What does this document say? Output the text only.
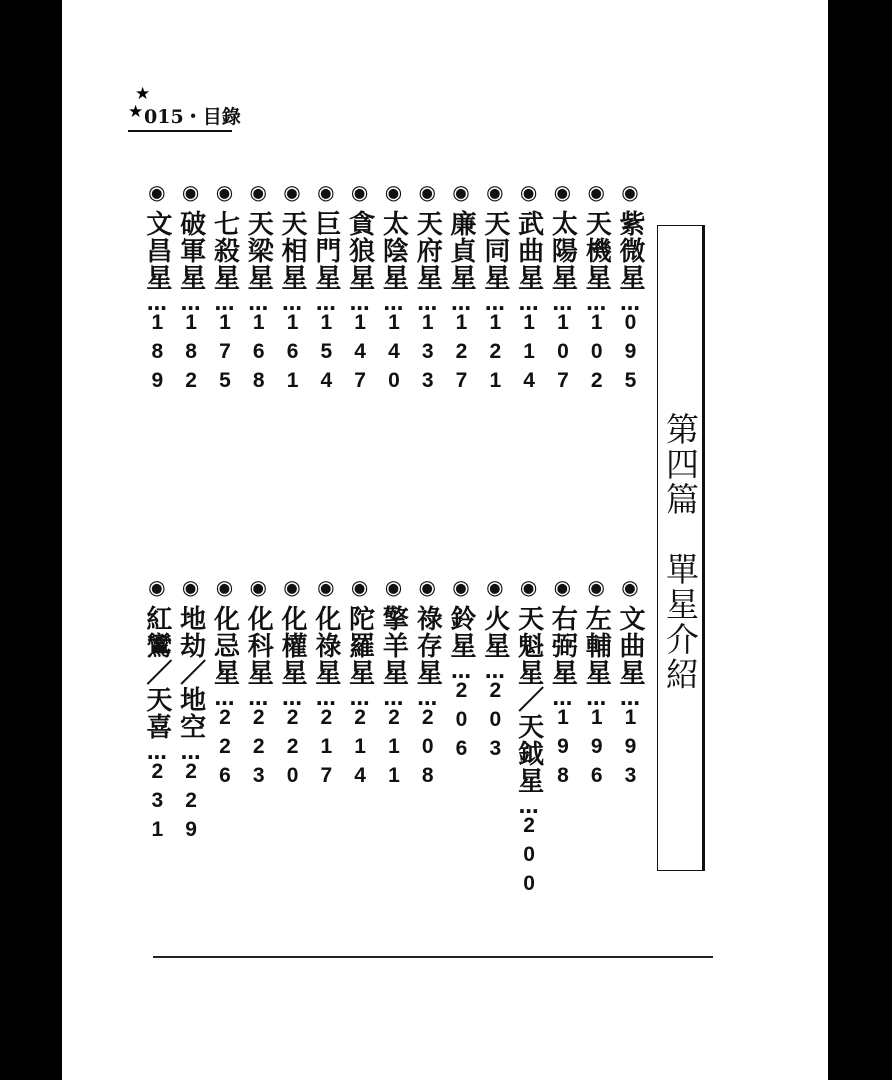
★
★ 015・目錄
◉紫微星…095
◉天機星…102
◉太陽星…107
◉武曲星…114
◉天同星…121
◉廉貞星…127
◉天府星…133
◉太陰星…140
◉貪狼星…147
◉巨門星…154
◉天相星…161
◉天梁星…168
◉七殺星…175
◉破軍星…182
◉文昌星…189
◉文曲星…193
◉左輔星…196
◉右弼星…198
◉天魁星／天鉞星…200
◉火星…203
◉鈴星…206
◉祿存星…208
◉擎羊星…211
◉陀羅星…214
◉化祿星…217
◉化權星…220
◉化科星…223
◉化忌星…226
◉地劫／地空…229
◉紅鸞／天喜…231
第四篇　單星介紹
